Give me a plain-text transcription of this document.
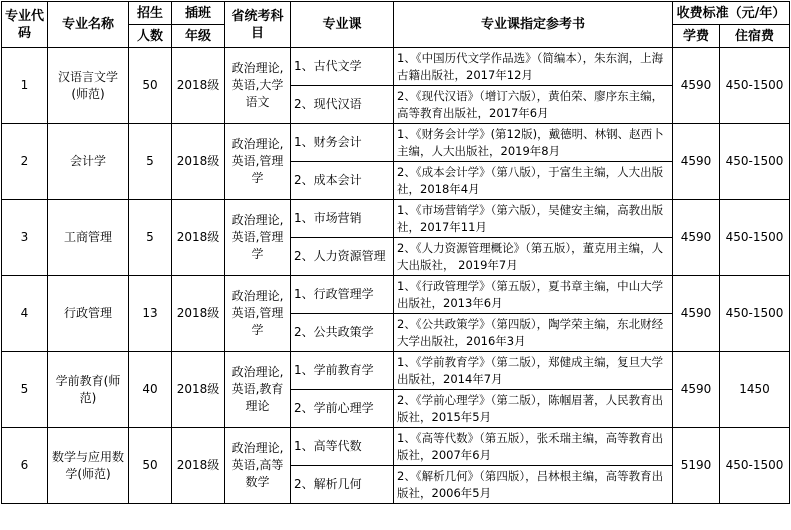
专业代码	专业名称	招生	插班	省统考科目	专业课	专业课指定参考书	收费标准（元/年）	
		人数	年级				学费	住宿费
1	汉语言文学(师范)	50	2018级	政治理论,英语,大学语文	1、古代文学	1、《中国历代文学作品选》（简编本），朱东润，上海古籍出版社，2017年12月	4590	450-1500
					2、现代汉语	2、《现代汉语》（增订六版），黄伯荣、廖序东主编，高等教育出版社，2017年6月		
2	会计学	5	2018级	政治理论,英语,管理学	1、财务会计	1、《财务会计学》(第12版)，戴德明、林钢、赵西卜主编，人大出版社，2019年8月	4590	450-1500
					2、成本会计	2、《成本会计学》（第八版），于富生主编，人大出版社，2018年4月		
3	工商管理	5	2018级	政治理论,英语,管理学	1、市场营销	1、《市场营销学》（第六版），吴健安主编，高教出版社，2017年11月	4590	450-1500
					2、人力资源管理	2、《人力资源管理概论》（第五版），董克用主编，人大出版社， 2019年7月		
4	行政管理	13	2018级	政治理论,英语,管理学	1、行政管理学	1、《行政管理学》（第五版），夏书章主编，中山大学出版社，2013年6月	4590	450-1500
					2、公共政策学	2、《公共政策学》（第四版），陶学荣主编，东北财经大学出版社，2016年3月		
5	学前教育(师范)	40	2018级	政治理论,英语,教育理论	1、学前教育学	1、《学前教育学》（第二版），郑健成主编，复旦大学出版社，2014年7月	4590	1450
					2、学前心理学	2、《学前心理学》（第二版），陈帼眉著，人民教育出版社，2015年5月		
6	数学与应用数学(师范)	50	2018级	政治理论,英语,高等数学	1、高等代数	1、《高等代数》（第五版），张禾瑞主编，高等教育出版社，2007年6月	5190	450-1500
					2、解析几何	2、《解析几何》（第四版），吕林根主编，高等教育出版社，2006年5月		
